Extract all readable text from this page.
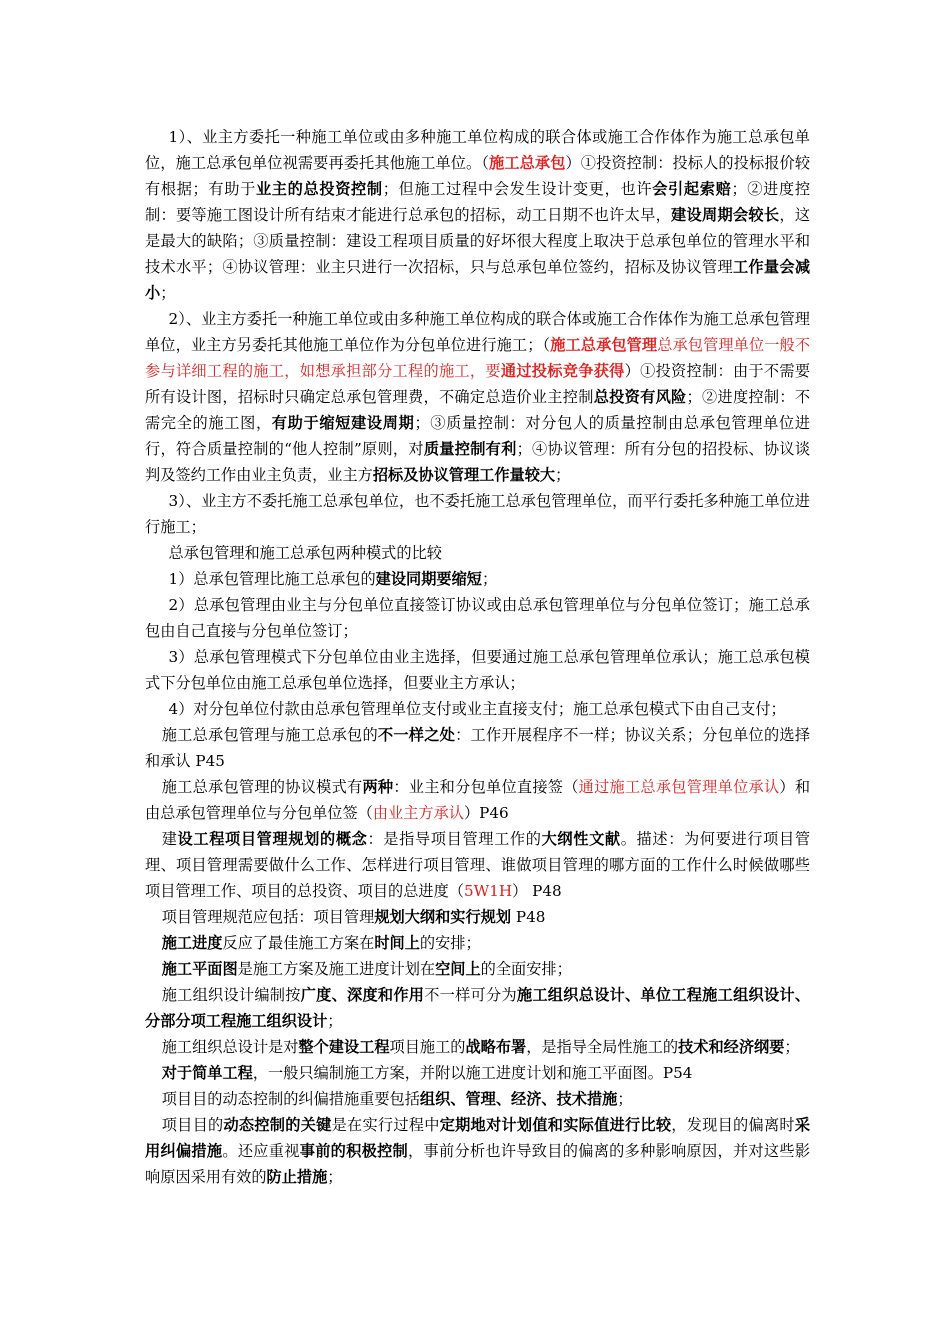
1）、业主方委托一种施工单位或由多种施工单位构成的联合体或施工合作体作为施工总承包单位，施工总承包单位视需要再委托其他施工单位。（施工总承包）①投资控制：投标人的投标报价较有根据；有助于业主的总投资控制；但施工过程中会发生设计变更，也许会引起索赔；②进度控制：要等施工图设计所有结束才能进行总承包的招标，动工日期不也许太早，建设周期会较长，这是最大的缺陷；③质量控制：建设工程项目质量的好坏很大程度上取决于总承包单位的管理水平和技术水平；④协议管理：业主只进行一次招标，只与总承包单位签约，招标及协议管理工作量会减小；

2）、业主方委托一种施工单位或由多种施工单位构成的联合体或施工合作体作为施工总承包管理单位，业主方另委托其他施工单位作为分包单位进行施工；（施工总承包管理总承包管理单位一般不参与详细工程的施工，如想承担部分工程的施工，要通过投标竞争获得）①投资控制：由于不需要所有设计图，招标时只确定总承包管理费，不确定总造价业主控制总投资有风险；②进度控制：不需完全的施工图，有助于缩短建设周期；③质量控制：对分包人的质量控制由总承包管理单位进行，符合质量控制的“他人控制”原则，对质量控制有利；④协议管理：所有分包的招投标、协议谈判及签约工作由业主负责，业主方招标及协议管理工作量较大；

3）、业主方不委托施工总承包单位，也不委托施工总承包管理单位，而平行委托多种施工单位进行施工；

总承包管理和施工总承包两种模式的比较

1）总承包管理比施工总承包的建设同期要缩短；

2）总承包管理由业主与分包单位直接签订协议或由总承包管理单位与分包单位签订；施工总承包由自己直接与分包单位签订；

3）总承包管理模式下分包单位由业主选择，但要通过施工总承包管理单位承认；施工总承包模式下分包单位由施工总承包单位选择，但要业主方承认；

4）对分包单位付款由总承包管理单位支付或业主直接支付；施工总承包模式下由自己支付；

施工总承包管理与施工总承包的不一样之处：工作开展程序不一样；协议关系；分包单位的选择和承认 P45

施工总承包管理的协议模式有两种：业主和分包单位直接签（通过施工总承包管理单位承认）和由总承包管理单位与分包单位签（由业主方承认）P46

建设工程项目管理规划的概念：是指导项目管理工作的大纲性文献。描述：为何要进行项目管理、项目管理需要做什么工作、怎样进行项目管理、谁做项目管理的哪方面的工作什么时候做哪些项目管理工作、项目的总投资、项目的总进度（5W1H） P48

项目管理规范应包括：项目管理规划大纲和实行规划 P48

施工进度反应了最佳施工方案在时间上的安排；

施工平面图是施工方案及施工进度计划在空间上的全面安排；

施工组织设计编制按广度、深度和作用不一样可分为施工组织总设计、单位工程施工组织设计、分部分项工程施工组织设计；

施工组织总设计是对整个建设工程项目施工的战略布署，是指导全局性施工的技术和经济纲要；

对于简单工程，一般只编制施工方案，并附以施工进度计划和施工平面图。P54

项目目的动态控制的纠偏措施重要包括组织、管理、经济、技术措施；

项目目的动态控制的关键是在实行过程中定期地对计划值和实际值进行比较，发现目的偏离时采用纠偏措施。还应重视事前的积极控制，事前分析也许导致目的偏离的多种影响原因，并对这些影响原因采用有效的防止措施；
